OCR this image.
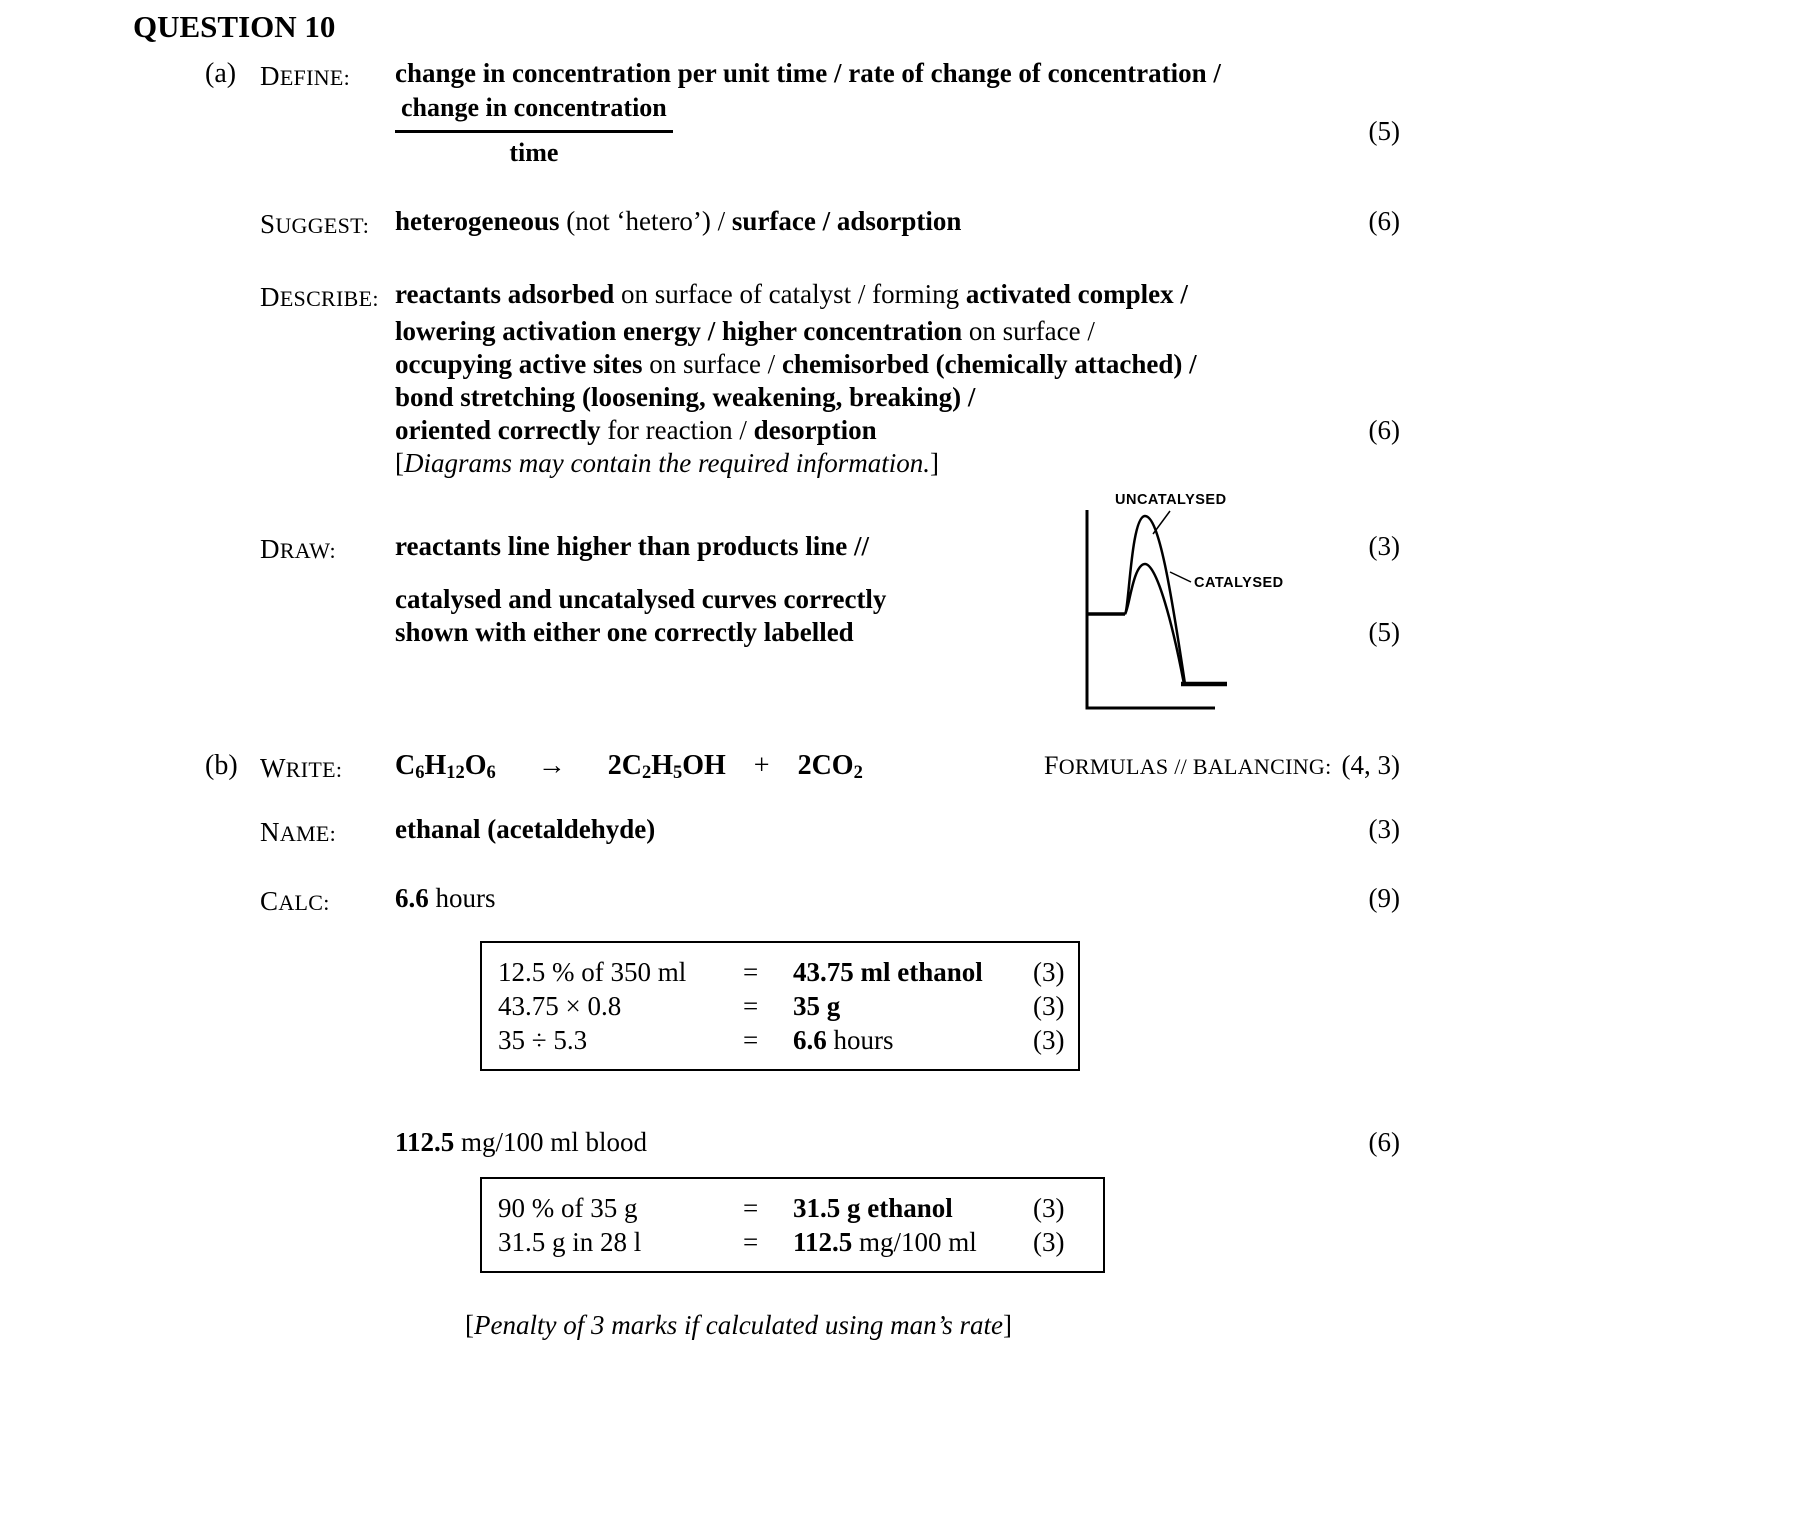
QUESTION 10
(a)	DEFINE:	change in concentration per unit time / rate of change of concentration /
$\frac{\text{change in concentration}}{\text{time}}$	(5)
SUGGEST: heterogeneous (not ‘hetero’) / surface / adsorption	(6)
DESCRIBE: reactants adsorbed on surface of catalyst / forming activated complex /
lowering activation energy / higher concentration on surface /
occupying active sites on surface / chemisorbed (chemically attached) /
bond stretching (loosening, weakening, breaking) /
oriented correctly for reaction / desorption	(6)
[Diagrams may contain the required information.]
DRAW:	reactants line higher than products line //	(3)
catalysed and uncatalysed curves correctly
shown with either one correctly labelled	(5)
UNCATALYSED
CATALYSED
(b)	WRITE:	C6H12O6  →  2C2H5OH + 2CO2	FORMULAS // BALANCING: (4, 3)
NAME:	ethanal (acetaldehyde)	(3)
CALC:	6.6 hours	(9)
12.5 % of 350 ml	=	43.75 ml ethanol	(3)
43.75 × 0.8	=	35 g	(3)
35 ÷ 5.3	=	6.6 hours	(3)
112.5 mg/100 ml blood	(6)
90 % of 35 g	=	31.5 g ethanol	(3)
31.5 g in 28 l	=	112.5 mg/100 ml	(3)
[Penalty of 3 marks if calculated using man’s rate]
